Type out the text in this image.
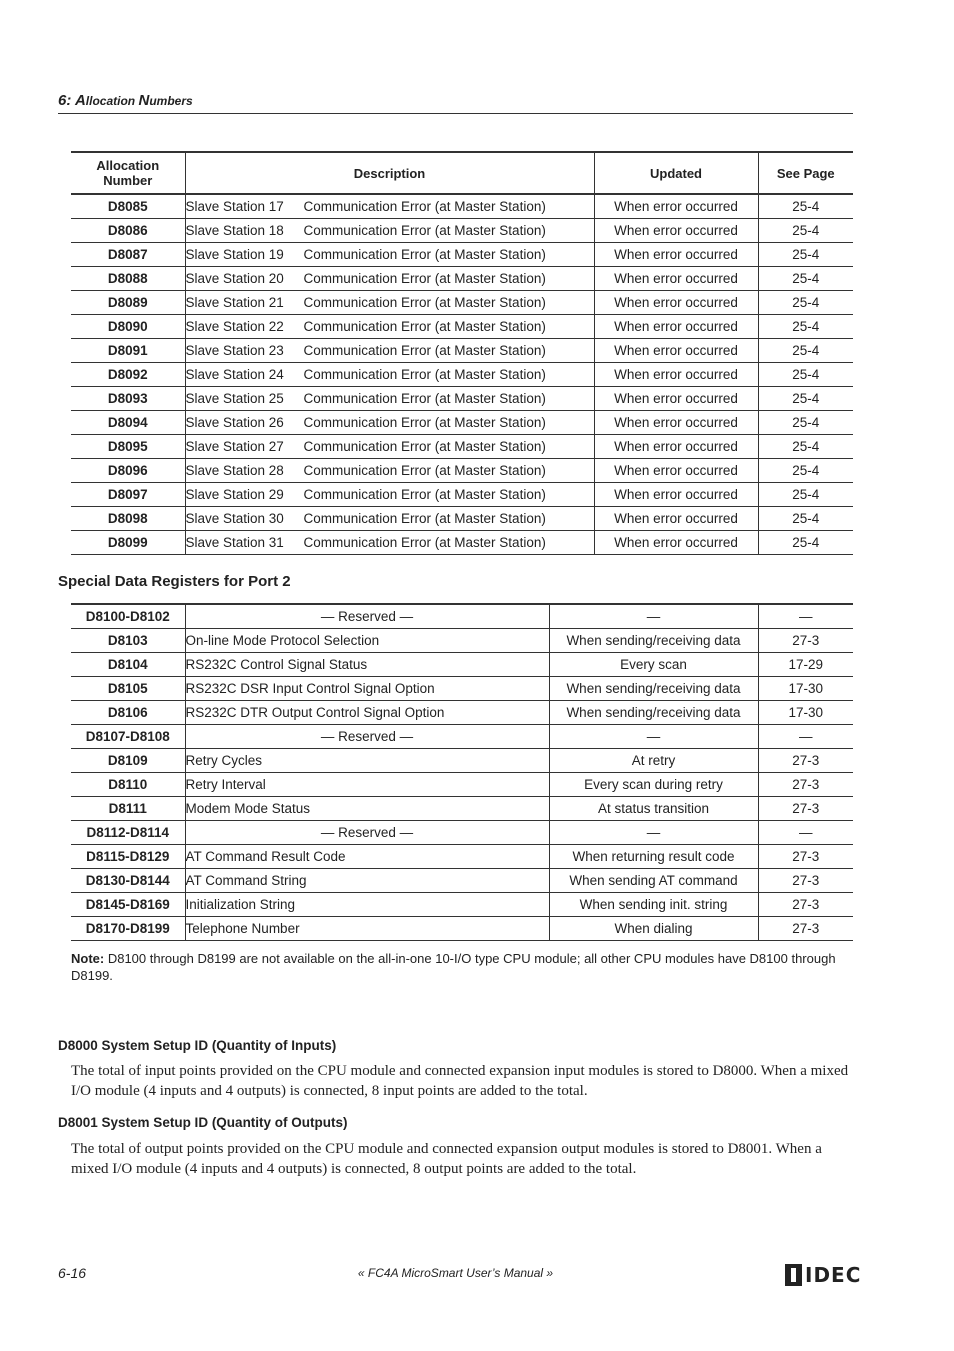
6: Allocation Numbers
Allocation
Number	Description	Updated	See Page
D8085	Slave Station 17 Communication Error (at Master Station)	When error occurred	25-4
D8086	Slave Station 18 Communication Error (at Master Station)	When error occurred	25-4
D8087	Slave Station 19 Communication Error (at Master Station)	When error occurred	25-4
D8088	Slave Station 20 Communication Error (at Master Station)	When error occurred	25-4
D8089	Slave Station 21 Communication Error (at Master Station)	When error occurred	25-4
D8090	Slave Station 22 Communication Error (at Master Station)	When error occurred	25-4
D8091	Slave Station 23 Communication Error (at Master Station)	When error occurred	25-4
D8092	Slave Station 24 Communication Error (at Master Station)	When error occurred	25-4
D8093	Slave Station 25 Communication Error (at Master Station)	When error occurred	25-4
D8094	Slave Station 26 Communication Error (at Master Station)	When error occurred	25-4
D8095	Slave Station 27 Communication Error (at Master Station)	When error occurred	25-4
D8096	Slave Station 28 Communication Error (at Master Station)	When error occurred	25-4
D8097	Slave Station 29 Communication Error (at Master Station)	When error occurred	25-4
D8098	Slave Station 30 Communication Error (at Master Station)	When error occurred	25-4
D8099	Slave Station 31 Communication Error (at Master Station)	When error occurred	25-4
Special Data Registers for Port 2
D8100-D8102	— Reserved —	—	—
D8103	On-line Mode Protocol Selection	When sending/receiving data	27-3
D8104	RS232C Control Signal Status	Every scan	17-29
D8105	RS232C DSR Input Control Signal Option	When sending/receiving data	17-30
D8106	RS232C DTR Output Control Signal Option	When sending/receiving data	17-30
D8107-D8108	— Reserved —	—	—
D8109	Retry Cycles	At retry	27-3
D8110	Retry Interval	Every scan during retry	27-3
D8111	Modem Mode Status	At status transition	27-3
D8112-D8114	— Reserved —	—	—
D8115-D8129	AT Command Result Code	When returning result code	27-3
D8130-D8144	AT Command String	When sending AT command	27-3
D8145-D8169	Initialization String	When sending init. string	27-3
D8170-D8199	Telephone Number	When dialing	27-3
Note: D8100 through D8199 are not available on the all-in-one 10-I/O type CPU module; all other CPU modules have D8100 through D8199.
D8000 System Setup ID (Quantity of Inputs)
The total of input points provided on the CPU module and connected expansion input modules is stored to D8000. When a mixed I/O module (4 inputs and 4 outputs) is connected, 8 input points are added to the total.
D8001 System Setup ID (Quantity of Outputs)
The total of output points provided on the CPU module and connected expansion output modules is stored to D8001. When a mixed I/O module (4 inputs and 4 outputs) is connected, 8 output points are added to the total.
6-16	« FC4A MicroSmart User’s Manual »	IDEC
